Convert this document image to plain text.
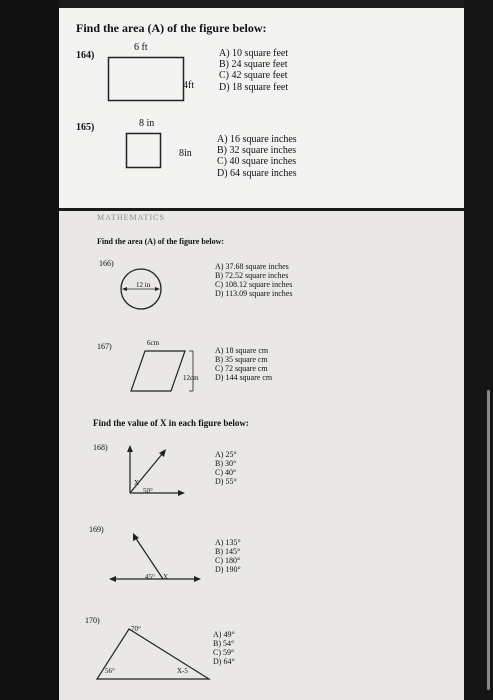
Find the area (A) of the figure below:
164)
6 ft
4ft
A) 10 square feet
B) 24 square feet
C) 42 square feet
D) 18 square feet
165)	8 in
8in
A) 16 square inches
B) 32 square inches
C) 40 square inches
D) 64 square inches
MATHEMATICS
Find the area (A) of the figure below:
166)
12 in
A) 37.68 square inches
B) 72.52 square inches
C) 108.12 square inches
D) 113.09 square inches
167)	6cm
12cm
A) 18 square cm
B) 35 square cm
C) 72 square cm
D) 144 square cm
Find the value of X in each figure below:
168)
X
50°
A) 25°
B) 30°
C) 40°
D) 55°
169)
45° X
A) 135°
B) 145°
C) 180°
D) 190°
170)
70°
56°	X-5
A) 49°
B) 54°
C) 59°
D) 64°
